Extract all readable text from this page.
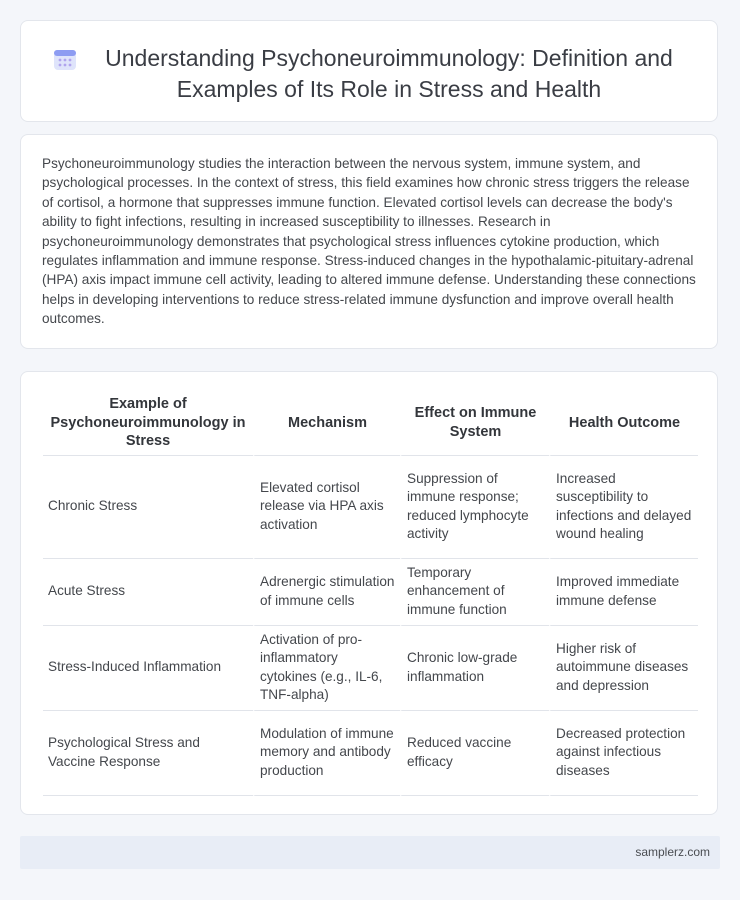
Understanding Psychoneuroimmunology: Definition and Examples of Its Role in Stress and Health

Psychoneuroimmunology studies the interaction between the nervous system, immune system, and psychological processes. In the context of stress, this field examines how chronic stress triggers the release of cortisol, a hormone that suppresses immune function. Elevated cortisol levels can decrease the body's ability to fight infections, resulting in increased susceptibility to illnesses. Research in psychoneuroimmunology demonstrates that psychological stress influences cytokine production, which regulates inflammation and immune response. Stress-induced changes in the hypothalamic-pituitary-adrenal (HPA) axis impact immune cell activity, leading to altered immune defense. Understanding these connections helps in developing interventions to reduce stress-related immune dysfunction and improve overall health outcomes.

Example of Psychoneuroimmunology in Stress	Mechanism	Effect on Immune System	Health Outcome
Chronic Stress	Elevated cortisol release via HPA axis activation	Suppression of immune response; reduced lymphocyte activity	Increased susceptibility to infections and delayed wound healing
Acute Stress	Adrenergic stimulation of immune cells	Temporary enhancement of immune function	Improved immediate immune defense
Stress-Induced Inflammation	Activation of pro-inflammatory cytokines (e.g., IL-6, TNF-alpha)	Chronic low-grade inflammation	Higher risk of autoimmune diseases and depression
Psychological Stress and Vaccine Response	Modulation of immune memory and antibody production	Reduced vaccine efficacy	Decreased protection against infectious diseases
samplerz.com
